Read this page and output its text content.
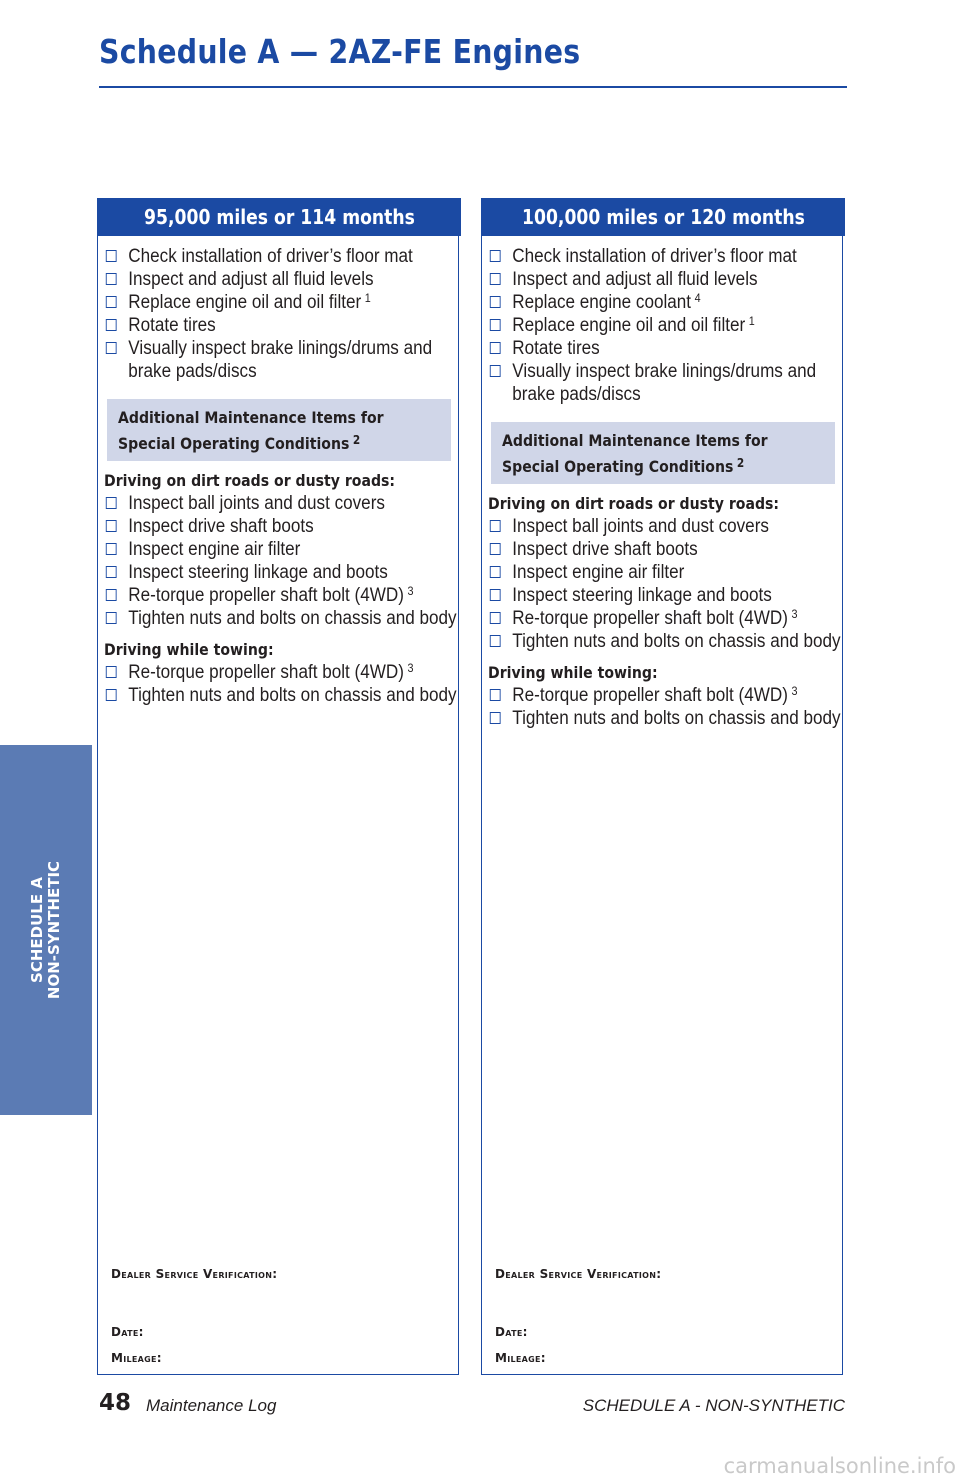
Schedule A — 2AZ-FE Engines
SCHEDULE A NON-SYNTHETIC
95,000 miles or 114 months
Check installation of driver’s floor mat
Inspect and adjust all fluid levels
Replace engine oil and oil filter $^1$
Rotate tires
Visually inspect brake linings/drums and brake pads/discs
Additional Maintenance Items for
Special Operating Conditions $^2$
Driving on dirt roads or dusty roads:
Inspect ball joints and dust covers
Inspect drive shaft boots
Inspect engine air filter
Inspect steering linkage and boots
Re-torque propeller shaft bolt (4WD) $^3$
Tighten nuts and bolts on chassis and body
Driving while towing:
Re-torque propeller shaft bolt (4WD) $^3$
Tighten nuts and bolts on chassis and body
Dealer Service Verification:
Date:
Mileage:
100,000 miles or 120 months
Check installation of driver’s floor mat
Inspect and adjust all fluid levels
Replace engine coolant $^4$
Replace engine oil and oil filter $^1$
Rotate tires
Visually inspect brake linings/drums and brake pads/discs
Additional Maintenance Items for
Special Operating Conditions $^2$
Driving on dirt roads or dusty roads:
Inspect ball joints and dust covers
Inspect drive shaft boots
Inspect engine air filter
Inspect steering linkage and boots
Re-torque propeller shaft bolt (4WD) $^3$
Tighten nuts and bolts on chassis and body
Driving while towing:
Re-torque propeller shaft bolt (4WD) $^3$
Tighten nuts and bolts on chassis and body
Dealer Service Verification:
Date:
Mileage:
48 Maintenance Log	SCHEDULE A - NON-SYNTHETIC
carmanualsonline.info
